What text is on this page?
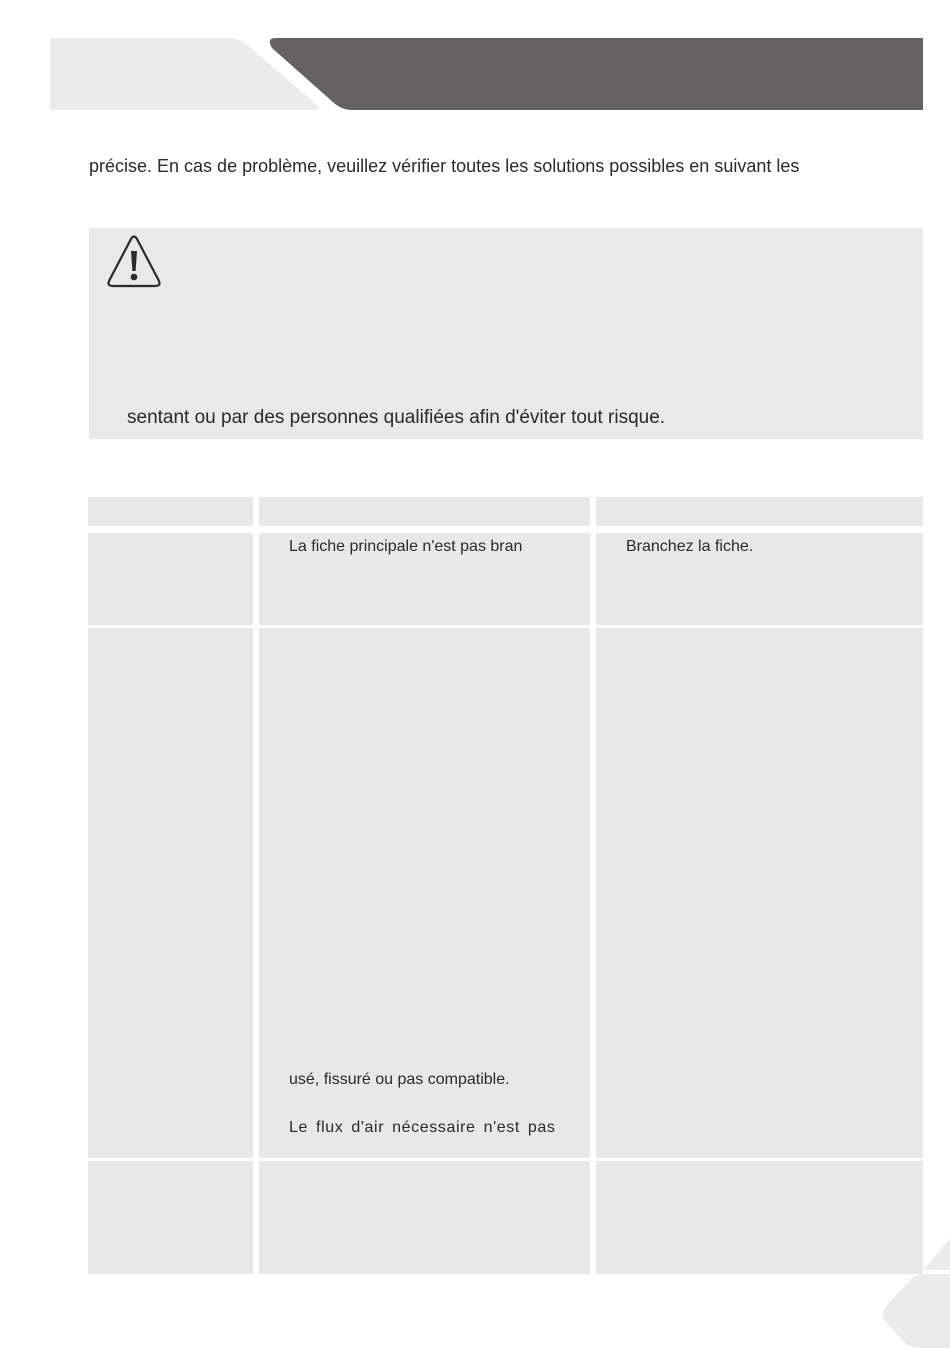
précise. En cas de problème, veuillez vérifier toutes les solutions possibles en suivant les
sentant ou par des personnes qualifiées afin d'éviter tout risque.
La fiche principale n'est pas bran	Branchez la fiche.
usé, fissuré ou pas compatible.
Le flux d'air nécessaire n'est pas
